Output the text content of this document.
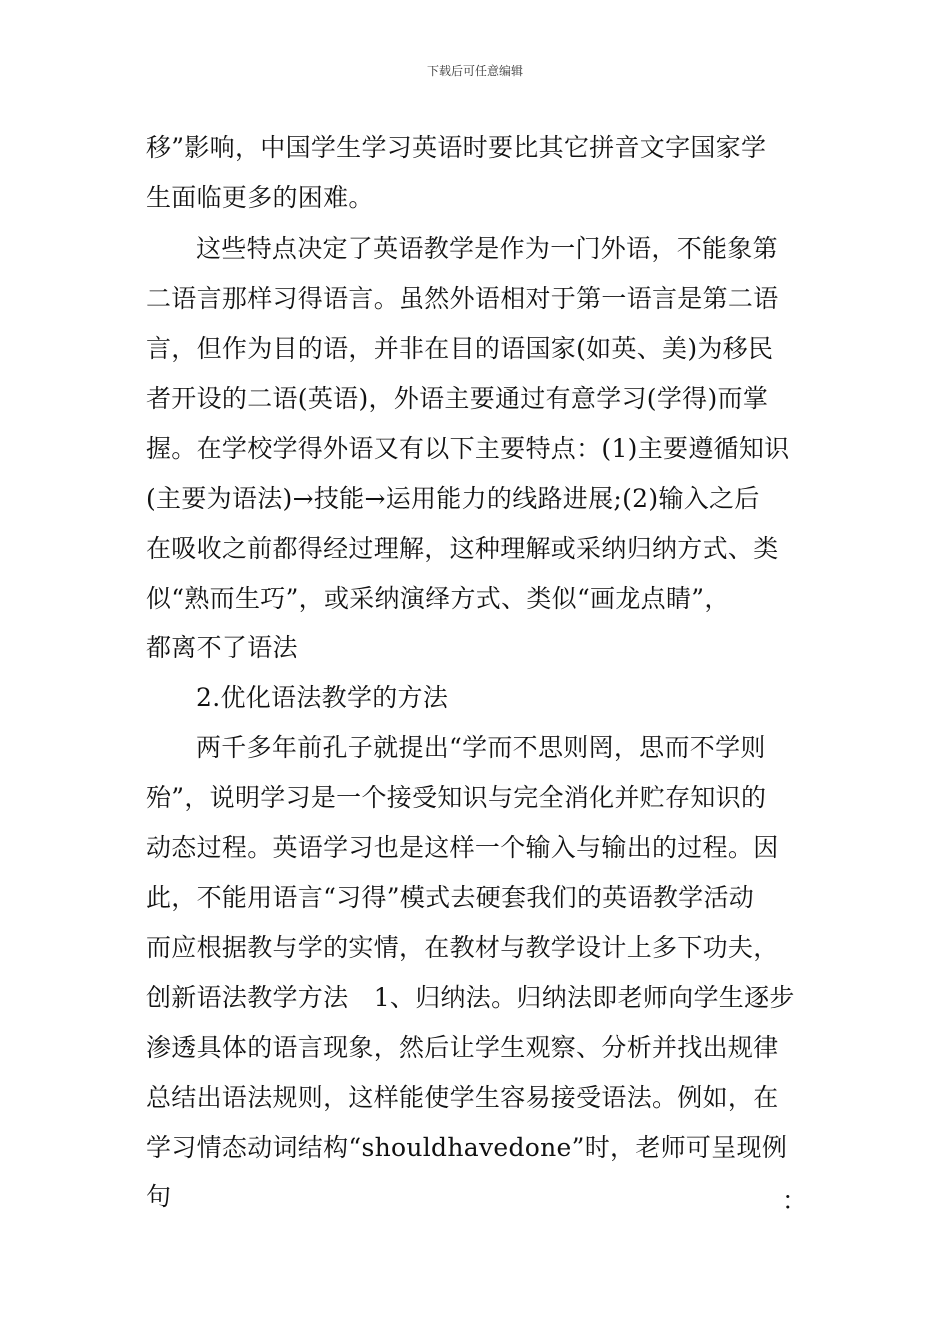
下载后可任意编辑
移”影响，中国学生学习英语时要比其它拼音文字国家学
生面临更多的困难。
这些特点决定了英语教学是作为一门外语，不能象第
二语言那样习得语言。虽然外语相对于第一语言是第二语
言，但作为目的语，并非在目的语国家(如英、美)为移民
者开设的二语(英语)，外语主要通过有意学习(学得)而掌
握。在学校学得外语又有以下主要特点：(1)主要遵循知识
(主要为语法)→技能→运用能力的线路进展;(2)输入之后
在吸收之前都得经过理解，这种理解或采纳归纳方式、类
似“熟而生巧”，或采纳演绎方式、类似“画龙点睛”，
都离不了语法
2.优化语法教学的方法
两千多年前孔子就提出“学而不思则罔，思而不学则
殆”，说明学习是一个接受知识与完全消化并贮存知识的
动态过程。英语学习也是这样一个输入与输出的过程。因
此，不能用语言“习得”模式去硬套我们的英语教学活动
而应根据教与学的实情，在教材与教学设计上多下功夫，
创新语法教学方法　1、归纳法。归纳法即老师向学生逐步
渗透具体的语言现象，然后让学生观察、分析并找出规律
总结出语法规则，这样能使学生容易接受语法。例如，在
学习情态动词结构“shouldhavedone”时，老师可呈现例
句	：
